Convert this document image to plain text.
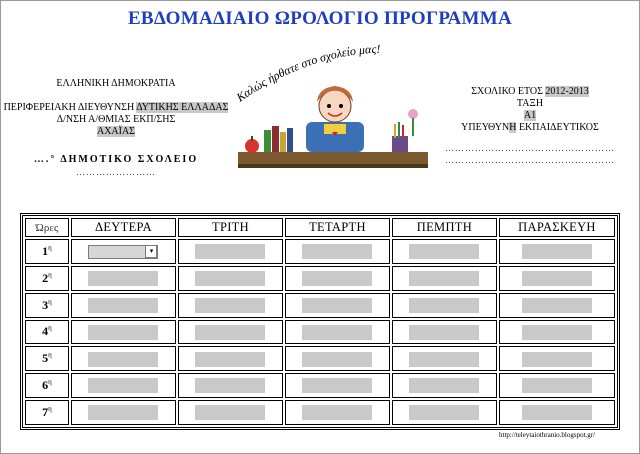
ΕΒΔΟΜΑΔΙΑΙΟ ΩΡΟΛΟΓΙΟ ΠΡΟΓΡΑΜΜΑ
ΕΛΛΗΝΙΚΗ ΔΗΜΟΚΡΑΤΙΑ
ΠΕΡΙΦΕΡΕΙΑΚΗ ΔΙΕΥΘΥΝΣΗ ΔΥΤΙΚΗΣ ΕΛΛΑΔΑΣ
Δ/ΝΣΗ Α/ΘΜΙΑΣ ΕΚΠ/ΣΗΣ
ΑΧΑΪΑΣ
….° ΔΗΜΟΤΙΚΟ ΣΧΟΛΕΙΟ
……………………
Καλώς ήρθατε στο σχολείο μας!
ΣΧΟΛΙΚΟ ΕΤΟΣ 2012-2013
ΤΑΞΗ
Α1
ΥΠΕΥΘΥΝΗ ΕΚΠΑΙΔΕΥΤΙΚΟΣ
……………………………………………
……………………………………………
Ώρες	ΔΕΥΤΕΡΑ	ΤΡΙΤΗ	ΤΕΤΑΡΤΗ	ΠΕΜΠΤΗ	ΠΑΡΑΣΚΕΥΗ
$1^\eta$	▾				

$2^\eta$					
$3^\eta$					
$4^\eta$					
$5^\eta$					
$6^\eta$					
$7^\eta$					
http://teleytaiothranio.blogspot.gr/
